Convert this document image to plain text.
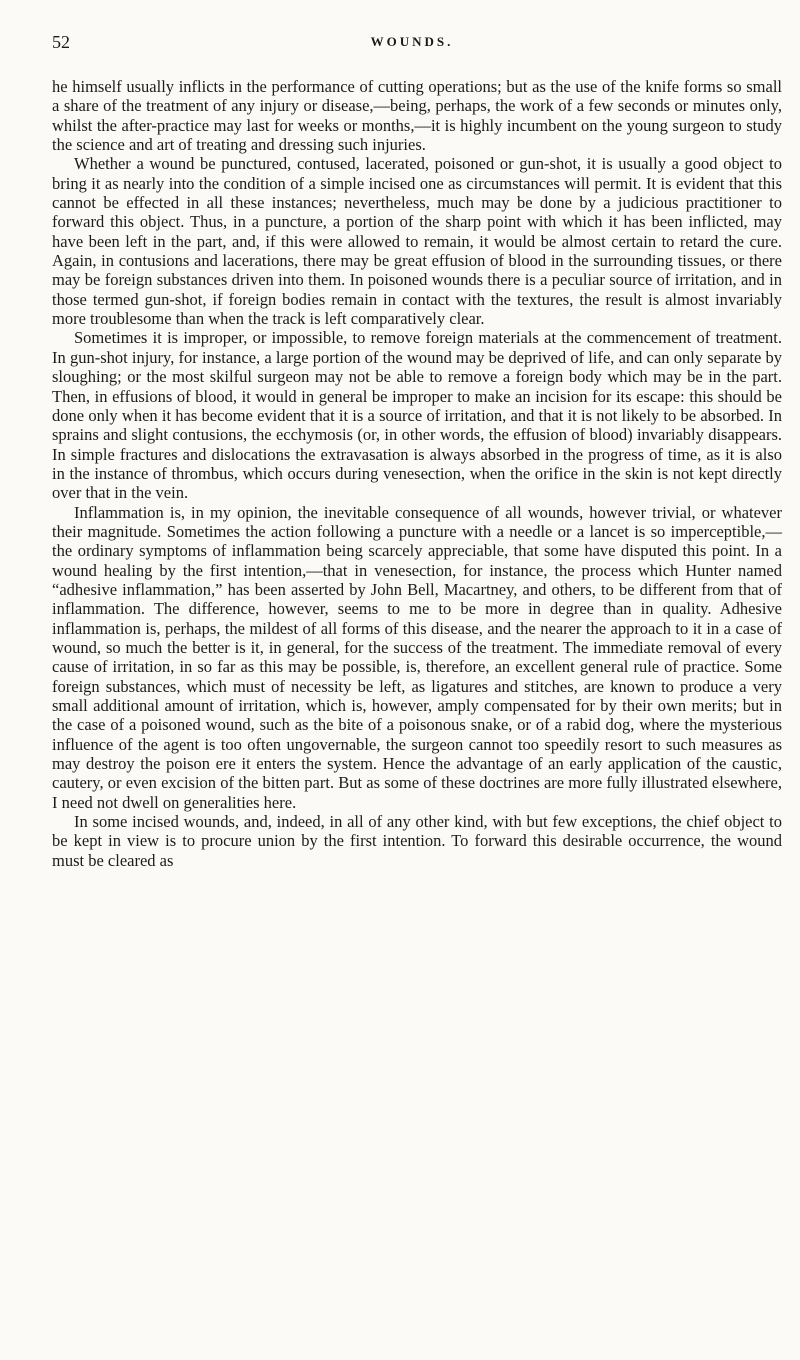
52	WOUNDS.

he himself usually inflicts in the performance of cutting operations; but as the use of the knife forms so small a share of the treatment of any injury or disease,—being, perhaps, the work of a few seconds or minutes only, whilst the after-practice may last for weeks or months,—it is highly incumbent on the young surgeon to study the science and art of treating and dressing such injuries.

Whether a wound be punctured, contused, lacerated, poisoned or gun-shot, it is usually a good object to bring it as nearly into the condition of a simple incised one as circumstances will permit. It is evident that this cannot be effected in all these instances; nevertheless, much may be done by a judicious practitioner to forward this object. Thus, in a puncture, a portion of the sharp point with which it has been inflicted, may have been left in the part, and, if this were allowed to remain, it would be almost certain to retard the cure. Again, in contusions and lacerations, there may be great effusion of blood in the surrounding tissues, or there may be foreign substances driven into them. In poisoned wounds there is a peculiar source of irritation, and in those termed gun-shot, if foreign bodies remain in contact with the textures, the result is almost invariably more troublesome than when the track is left comparatively clear.

Sometimes it is improper, or impossible, to remove foreign materials at the commencement of treatment. In gun-shot injury, for instance, a large portion of the wound may be deprived of life, and can only separate by sloughing; or the most skilful surgeon may not be able to remove a foreign body which may be in the part. Then, in effusions of blood, it would in general be improper to make an incision for its escape: this should be done only when it has become evident that it is a source of irritation, and that it is not likely to be absorbed. In sprains and slight contusions, the ecchymosis (or, in other words, the effusion of blood) invariably disappears. In simple fractures and dislocations the extravasation is always absorbed in the progress of time, as it is also in the instance of thrombus, which occurs during venesection, when the orifice in the skin is not kept directly over that in the vein.

Inflammation is, in my opinion, the inevitable consequence of all wounds, however trivial, or whatever their magnitude. Sometimes the action following a puncture with a needle or a lancet is so imperceptible,—the ordinary symptoms of inflammation being scarcely appreciable, that some have disputed this point. In a wound healing by the first intention,—that in venesection, for instance, the process which Hunter named “adhesive inflammation,” has been asserted by John Bell, Macartney, and others, to be different from that of inflammation. The difference, however, seems to me to be more in degree than in quality. Adhesive inflammation is, perhaps, the mildest of all forms of this disease, and the nearer the approach to it in a case of wound, so much the better is it, in general, for the success of the treatment. The immediate removal of every cause of irritation, in so far as this may be possible, is, therefore, an excellent general rule of practice. Some foreign substances, which must of necessity be left, as ligatures and stitches, are known to produce a very small additional amount of irritation, which is, however, amply compensated for by their own merits; but in the case of a poisoned wound, such as the bite of a poisonous snake, or of a rabid dog, where the mysterious influence of the agent is too often ungovernable, the surgeon cannot too speedily resort to such measures as may destroy the poison ere it enters the system. Hence the advantage of an early application of the caustic, cautery, or even excision of the bitten part. But as some of these doctrines are more fully illustrated elsewhere, I need not dwell on generalities here.

In some incised wounds, and, indeed, in all of any other kind, with but few exceptions, the chief object to be kept in view is to procure union by the first intention. To forward this desirable occurrence, the wound must be cleared as
